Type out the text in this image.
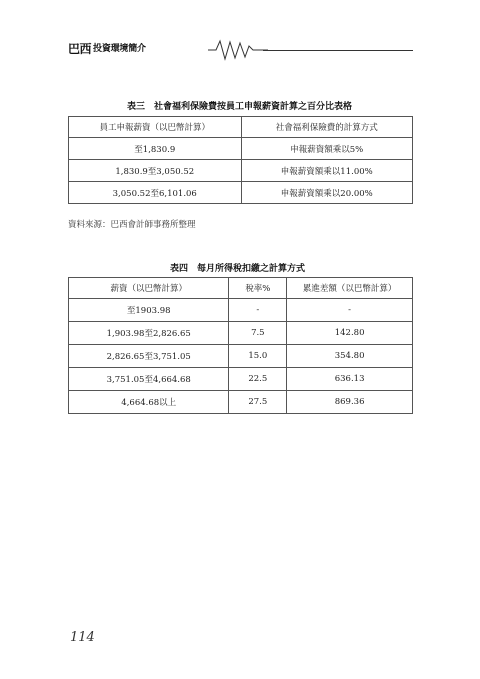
巴西 投資環境簡介
表三 社會福利保險費按員工申報薪資計算之百分比表格
員工申報薪資（以巴幣計算）	社會福利保險費的計算方式
至1,830.9	申報薪資額乘以5%
1,830.9至3,050.52	申報薪資額乘以11.00%
3,050.52至6,101.06	申報薪資額乘以20.00%
資料來源：巴西會計師事務所整理
表四 每月所得稅扣繳之計算方式
薪資（以巴幣計算）	稅率%	累進差額（以巴幣計算）
至1903.98	-	-
1,903.98至2,826.65	7.5	142.80
2,826.65至3,751.05	15.0	354.80
3,751.05至4,664.68	22.5	636.13
4,664.68以上	27.5	869.36
114
